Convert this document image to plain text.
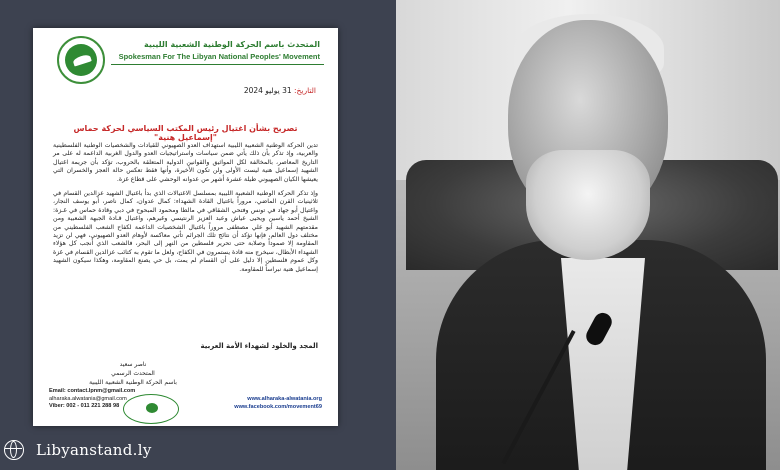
المتحدث باسم الحركة الوطنية الشعبية الليبية
Spokesman For The Libyan National Peoples' Movement
التاريخ: 31 يوليو 2024
تصريح بشأن اغتيال رئيس المكتب السياسي لحركة حماس "إسماعيل هنية"

تدين الحركة الوطنية الشعبية الليبية استهداف العدو الصهيوني للقيادات والشخصيات الوطنية الفلسطينية والعربية، وإذ تذكر بأن ذلك يأتي ضمن سياسات واستراتيجيات العدو والدول الغربية الداعمة له على مر التاريخ المعاصر، بالمخالفة لكل المواثيق والقوانين الدولية المتعلقة بالحروب، تؤكد بأن جريمة اغتيال الشهيد إسماعيل هنية ليست الأولى ولن تكون الأخيرة، وأنها فقط تعكس حالة العجز والخسران التي يعيشها الكيان الصهيوني طيلة عشرة أشهر من عدوانه الوحشي على قطاع غزة.

وإذ تذكر الحركة الوطنية الشعبية الليبية بمسلسل الاغتيالات الذي بدأ باغتيال الشهيد عزالدين القسام في ثلاثينيات القرن الماضي، مروراً باغتيال القادة الشهداء: كمال عدوان، كمال ناصر، أبو يوسف النجار، واغتيال أبو جهاد في تونس وفتحي الشقاقي في مالطا ومحمود المبحوح في دبي وقادة حماس في غـزة: الشيخ أحمد ياسين ويحيى عياش وعبد العزيز الرنتيسي وغيرهم، واغتيال قـادة الجبهة الشعبية ومن مقدمتهم الشهيد أبو علي مصطفى مروراً باغتيال الشخصيات الداعمة لكفاح الشعب الفلسطيني من مختلف دول العالم، فإنها تؤكد أن نتائج تلك الجرائم تأتي معاكسة لأوهام العدو الصهيوني، فهي لن تزيد المقاومة إلا صموداً وصلابة حتى تحرير فلسطين من النهر إلى البحر، فالشعب الذي أنجب كل هؤلاء الشهداء الأبطال، سيخرج منه قادة يستمرون في الكفاح، ولعل ما تقوم به كتائب عزالدين القسام في غزة وكل عموم فلسطين إلا دليل على أن القسام لم يمت، بل حي يصنع المقاومة، وهكذا سيكون الشهيد إسماعيل هنية نبراساً للمقاومة.

المجد والخلود لشهداء الأمة العربية
ناصر سعيد
المتحدث الرسمي
باسم الحركة الوطنية الشعبية الليبية
Email: contact.lpnm@gmail.com
alharaka.alwatania@gmail.com
Viber: 002 - 011 221 288 98
www.alharaka-alwatania.org
www.facebook.com/movement69
Libyanstand.ly
